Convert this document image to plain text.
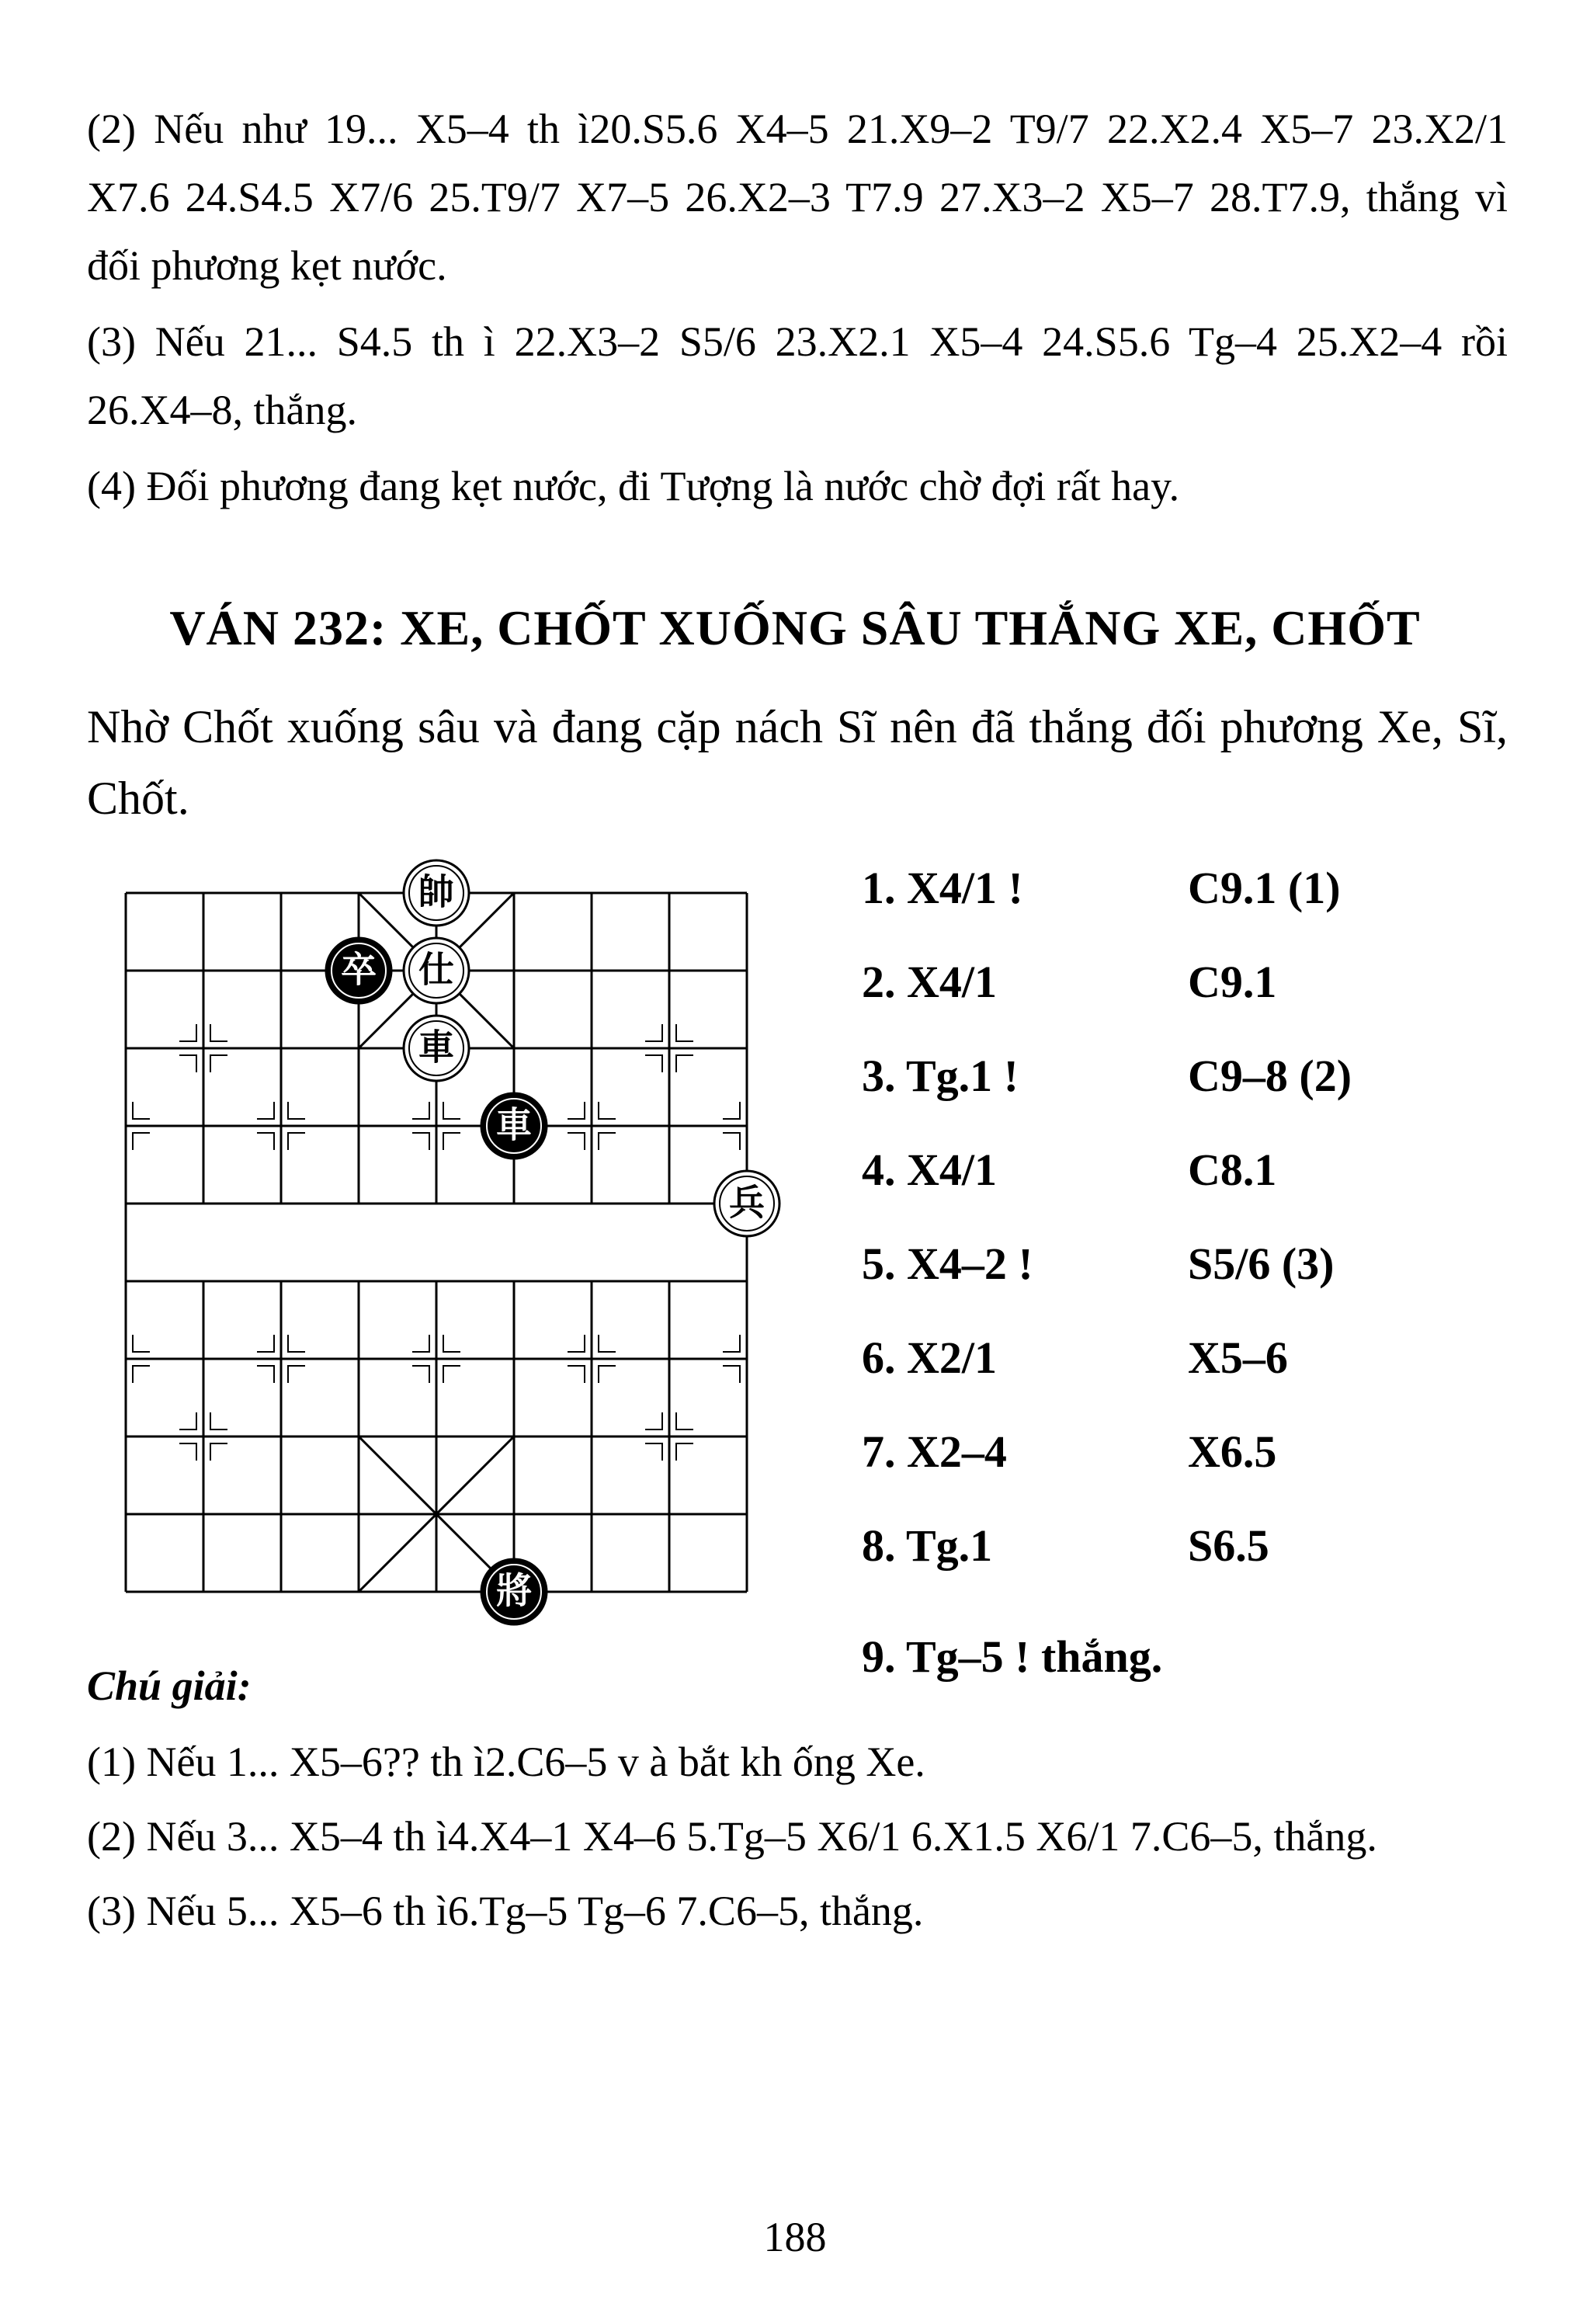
(2) Nếu như 19... X5–4 th ì20.S5.6 X4–5 21.X9–2 T9/7 22.X2.4 X5–7 23.X2/1 X7.6 24.S4.5 X7/6 25.T9/7 X7–5 26.X2–3 T7.9 27.X3–2 X5–7 28.T7.9, thắng vì đối phương kẹt nước.

(3) Nếu 21... S4.5 th ì 22.X3–2 S5/6 23.X2.1 X5–4 24.S5.6 Tg–4 25.X2–4 rồi 26.X4–8, thắng.

(4) Đối phương đang kẹt nước, đi Tượng là nước chờ đợi rất hay.

VÁN 232: XE, CHỐT XUỐNG SÂU THẮNG XE, CHỐT

Nhờ Chốt xuống sâu và đang cặp nách Sĩ nên đã thắng đối phương Xe, Sĩ, Chốt.

帥
仕
卒
車
車
兵
將
1. X4/1 !	C9.1 (1)
2. X4/1	C9.1
3. Tg.1 !	C9–8 (2)
4. X4/1	C8.1
5. X4–2 !	S5/6 (3)
6. X2/1	X5–6
7. X2–4	X6.5
8. Tg.1	S6.5
9. Tg–5 ! thắng.
Chú giải:

(1) Nếu 1... X5–6?? th ì2.C6–5 v à bắt kh ống Xe.

(2) Nếu 3... X5–4 th ì4.X4–1 X4–6 5.Tg–5 X6/1 6.X1.5 X6/1 7.C6–5, thắng.

(3) Nếu 5... X5–6 th ì6.Tg–5 Tg–6 7.C6–5, thắng.

188
